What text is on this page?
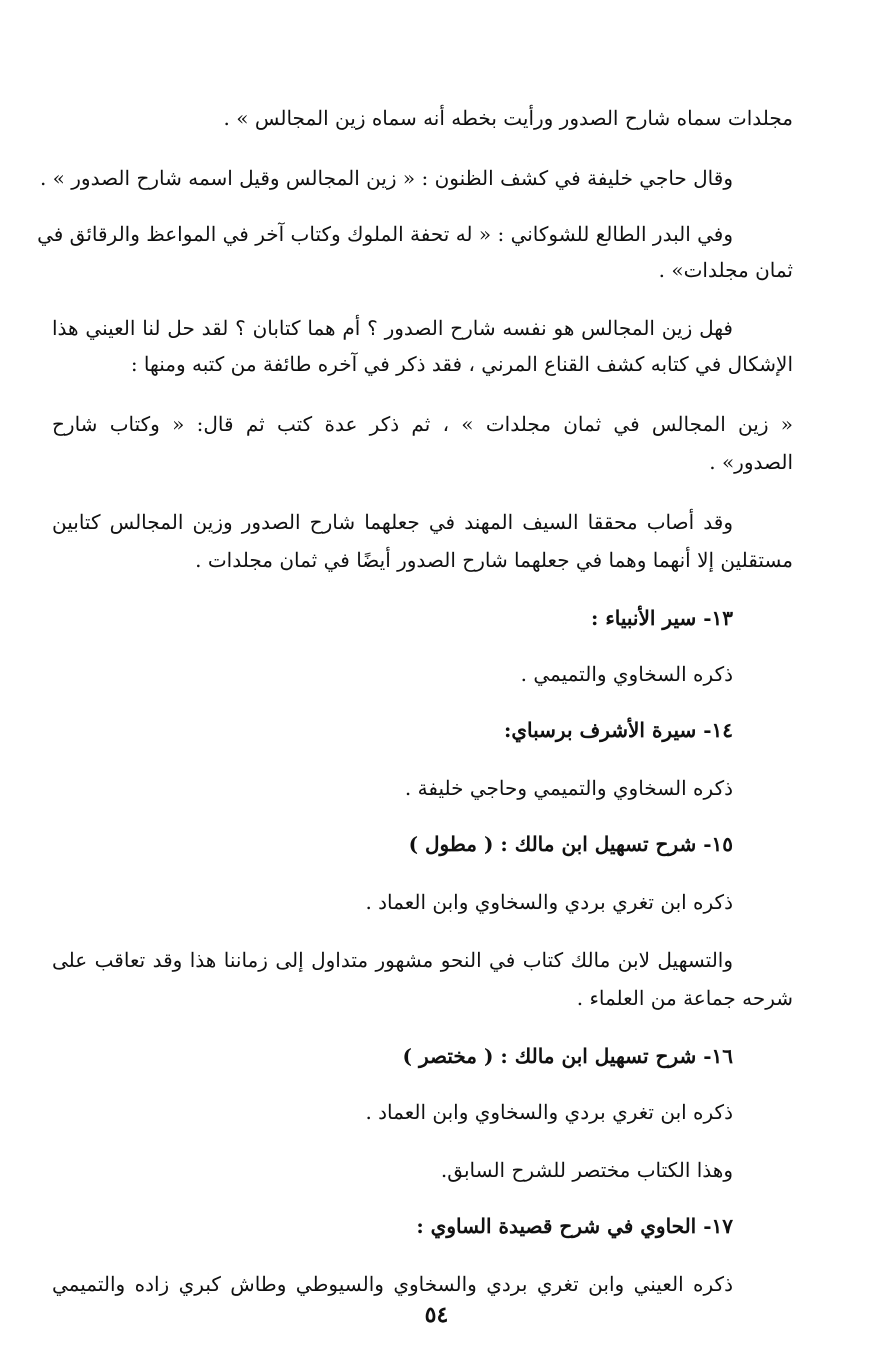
مجلدات سماه شارح الصدور ورأيت بخطه أنه سماه زين المجالس » .
وقال حاجي خليفة في كشف الظنون : « زين المجالس وقيل اسمه شارح الصدور » .
وفي البدر الطالع للشوكاني : « له تحفة الملوك وكتاب آخر في المواعظ والرقائق في
ثمان مجلدات» .
فهل زين المجالس هو نفسه شارح الصدور ؟ أم هما كتابان ؟ لقد حل لنا العيني هذا
الإشكال في كتابه كشف القناع المرني ، فقد ذكر في آخره طائفة من كتبه ومنها :
« زين المجالس في ثمان مجلدات » ، ثم ذكر عدة كتب ثم قال: « وكتاب شارح
الصدور» .
وقد أصاب محققا السيف المهند في جعلهما شارح الصدور وزين المجالس كتابين
مستقلين إلا أنهما وهما في جعلهما شارح الصدور أيضًا في ثمان مجلدات .
١٣- سير الأنبياء :
ذكره السخاوي والتميمي .
١٤- سيرة الأشرف برسباي:
ذكره السخاوي والتميمي وحاجي خليفة .
١٥- شرح تسهيل ابن مالك : ( مطول )
ذكره ابن تغري بردي والسخاوي وابن العماد .
والتسهيل لابن مالك كتاب في النحو مشهور متداول إلى زماننا هذا وقد تعاقب على
شرحه جماعة من العلماء .
١٦- شرح تسهيل ابن مالك : ( مختصر )
ذكره ابن تغري بردي والسخاوي وابن العماد .
وهذا الكتاب مختصر للشرح السابق.
١٧- الحاوي في شرح قصيدة الساوي :
ذكره العيني وابن تغري بردي والسخاوي والسيوطي وطاش كبري زاده والتميمي
٥٤
